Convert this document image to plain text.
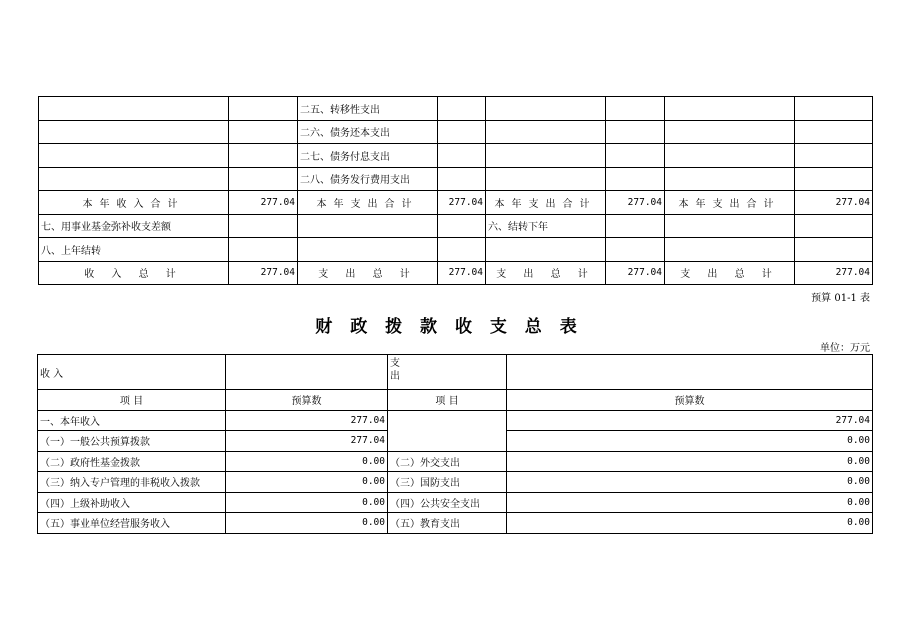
		二五、转移性支出					
		二六、债务还本支出					
		二七、债务付息支出					
		二八、债务发行费用支出					
本年收入合计	277.04	本年支出合计	277.04	本年支出合计	277.04	本年支出合计	277.04
七、用事业基金弥补收支差额				六、结转下年			
八、上年结转							
收 入 总 计	277.04	支 出 总 计	277.04	支 出 总 计	277.04	支 出 总 计	277.04
预算 01-1 表
财 政 拨 款 收 支 总 表
单位：万元
收 入		支
出	

项 目	预算数	项 目	预算数
一、本年收入	277.04		277.04
（一）一般公共预算拨款	277.04		0.00
（二）政府性基金拨款	0.00	（二）外交支出	0.00
（三）纳入专户管理的非税收入拨款	0.00	（三）国防支出	0.00
（四）上级补助收入	0.00	（四）公共安全支出	0.00
（五）事业单位经营服务收入	0.00	（五）教育支出	0.00
